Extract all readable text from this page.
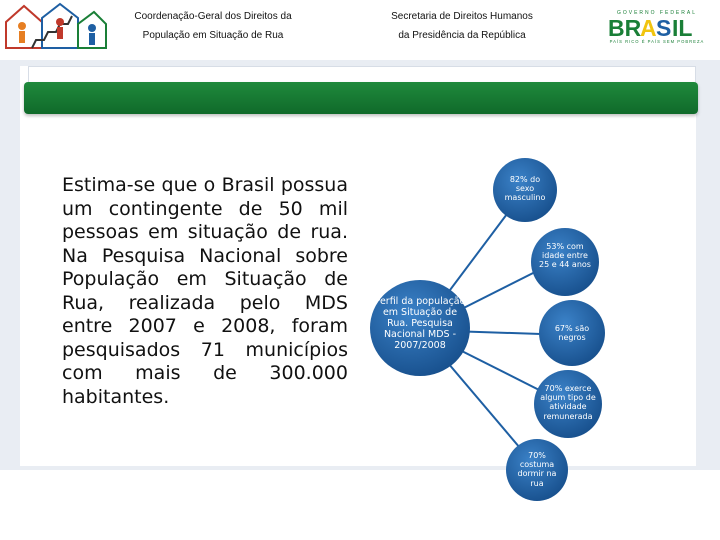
Coordenação-Geral dos Direitos da
População em Situação de Rua
Secretaria de Direitos Humanos
da Presidência da República
GOVERNO FEDERAL
BR
A S IL
PAÍS RICO É PAÍS SEM POBREZA

Estima-se que o Brasil possua um contingente de 50 mil pessoas em situação de rua. Na Pesquisa Nacional sobre População em Situação de Rua, realizada pelo MDS entre 2007 e 2008, foram pesquisados 71 municípios com mais de 300.000 habitantes.

Perfil da população em Situação de Rua. Pesquisa Nacional MDS - 2007/2008
82% do sexo masculino
53% com idade entre 25 e 44 anos
67% são negros
70% exerce algum tipo de atividade remunerada
70% costuma dormir na rua
